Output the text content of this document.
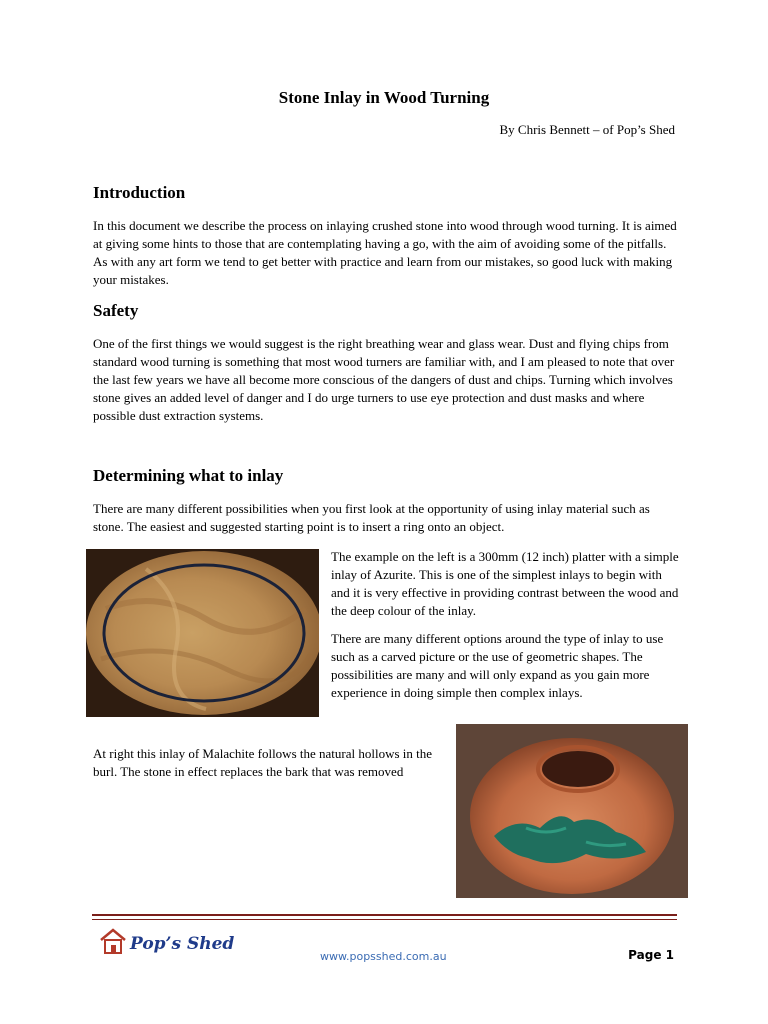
Stone Inlay in Wood Turning
By Chris Bennett – of Pop’s Shed
Introduction

In this document we describe the process on inlaying crushed stone into wood through wood turning. It is aimed at giving some hints to those that are contemplating having a go, with the aim of avoiding some of the pitfalls. As with any art form we tend to get better with practice and learn from our mistakes, so good luck with making your mistakes.

Safety

One of the first things we would suggest is the right breathing wear and glass wear. Dust and flying chips from standard wood turning is something that most wood turners are familiar with, and I am pleased to note that over the last few years we have all become more conscious of the dangers of dust and chips. Turning which involves stone gives an added level of danger and I do urge turners to use eye protection and dust masks and where possible dust extraction systems.

Determining what to inlay

There are many different possibilities when you first look at the opportunity of using inlay material such as stone. The easiest and suggested starting point is to insert a ring onto an object.

The example on the left is a 300mm (12 inch) platter with a simple inlay of Azurite. This is one of the simplest inlays to begin with and it is very effective in providing contrast between the wood and the deep colour of the inlay.

There are many different options around the type of inlay to use such as a carved picture or the use of geometric shapes. The possibilities are many and will only expand as you gain more experience in doing simple then complex inlays.

At right this inlay of Malachite follows the natural hollows in the burl. The stone in effect replaces the bark that was removed

Pop’s Shed
www.popsshed.com.au	Page 1
